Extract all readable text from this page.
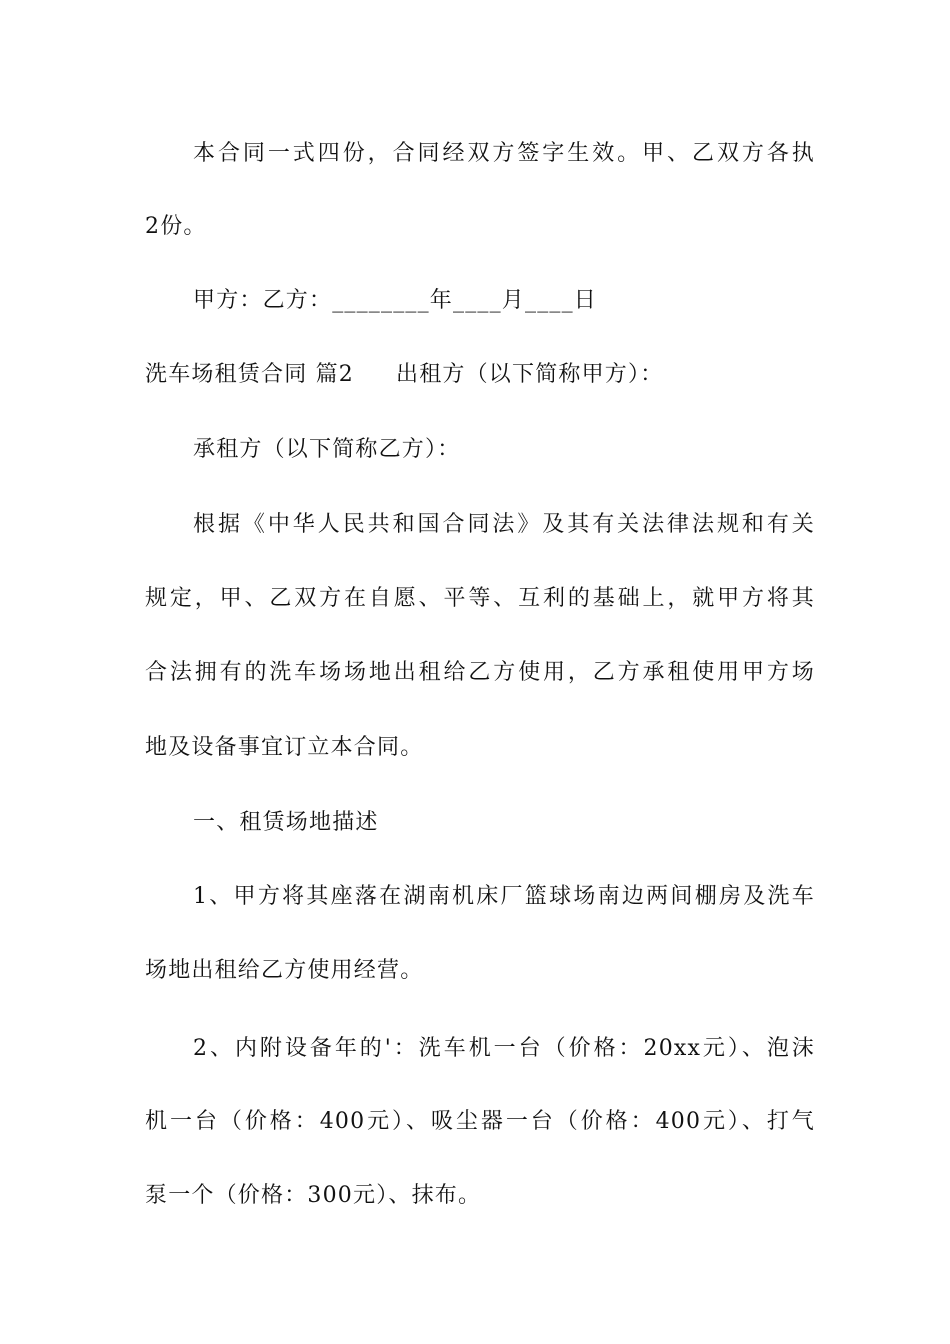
本合同一式四份，合同经双方签字生效。甲、乙双方各执
2份。
甲方：乙方：________年____月____日
洗车场租赁合同 篇2 出租方（以下简称甲方）：
承租方（以下简称乙方）：
根据《中华人民共和国合同法》及其有关法律法规和有关
规定，甲、乙双方在自愿、平等、互利的基础上，就甲方将其
合法拥有的洗车场场地出租给乙方使用，乙方承租使用甲方场
地及设备事宜订立本合同。
一、租赁场地描述
1、甲方将其座落在湖南机床厂篮球场南边两间棚房及洗车
场地出租给乙方使用经营。
2、内附设备年的'：洗车机一台（价格：20xx元）、泡沫
机一台（价格：400元）、吸尘器一台（价格：400元）、打气
泵一个（价格：300元）、抹布。
